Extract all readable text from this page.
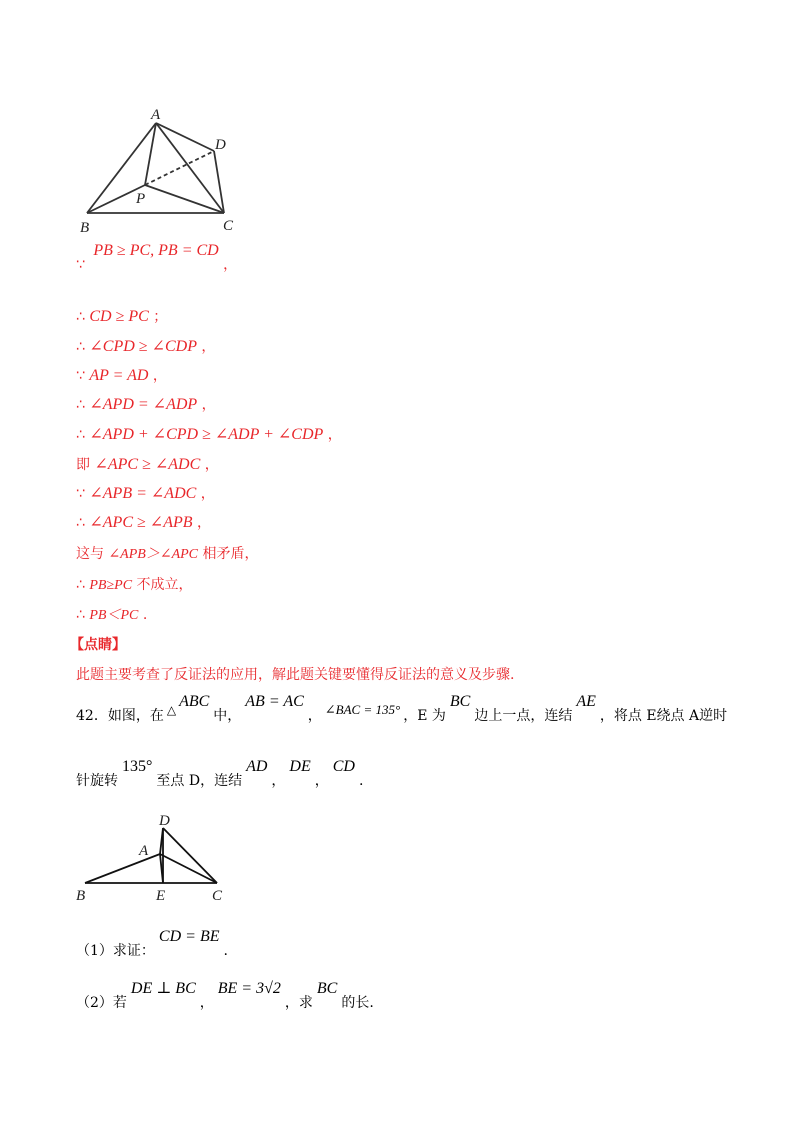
A
B	C
D
P
∵ PB ≥ PC, PB = CD ，
∴ CD ≥ PC ；
∴ ∠CPD ≥ ∠CDP ，
∵ AP = AD ，
∴ ∠APD = ∠ADP ，
∴ ∠APD + ∠CPD ≥ ∠ADP + ∠CDP ，
即 ∠APC ≥ ∠ADC ，
∵ ∠APB = ∠ADC ，
∴ ∠APC ≥ ∠APB ，
这与 ∠APB＞∠APC 相矛盾，
∴ PB≥PC 不成立，
∴ PB＜PC .
【点睛】
此题主要考查了反证法的应用，解此题关键要懂得反证法的意义及步骤.
42．如图，在 △ ABC中，AB = AC， ∠BAC = 135° ，E 为BC边上一点，连结AE，将点 E绕点 A逆时
针旋转135°至点 D，连结AD，DE，CD.
D
A
B	E	C
（1）求证：CD = BE.
（2）若DE ⊥ BC，BE = 3√2，求BC的长.
